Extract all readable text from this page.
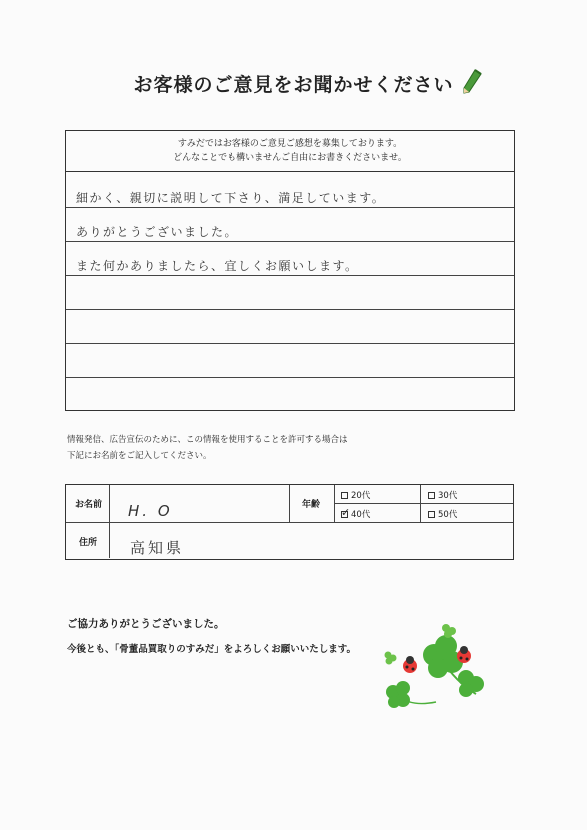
お客様のご意見をお聞かせください
すみだではお客様のご意見ご感想を募集しております。
どんなことでも構いませんご自由にお書きくださいませ。
細かく、親切に説明して下さり、満足しています。
ありがとうございました。
また何かありましたら、宜しくお願いします。
情報発信、広告宣伝のために、この情報を使用することを許可する場合は
下記にお名前をご記入してください。
お名前 H. O	年齢
20代	30代
✓ 40代	50代
住所 高知県
ご協力ありがとうございました。
今後とも、「骨董品買取りのすみだ」をよろしくお願いいたします。
